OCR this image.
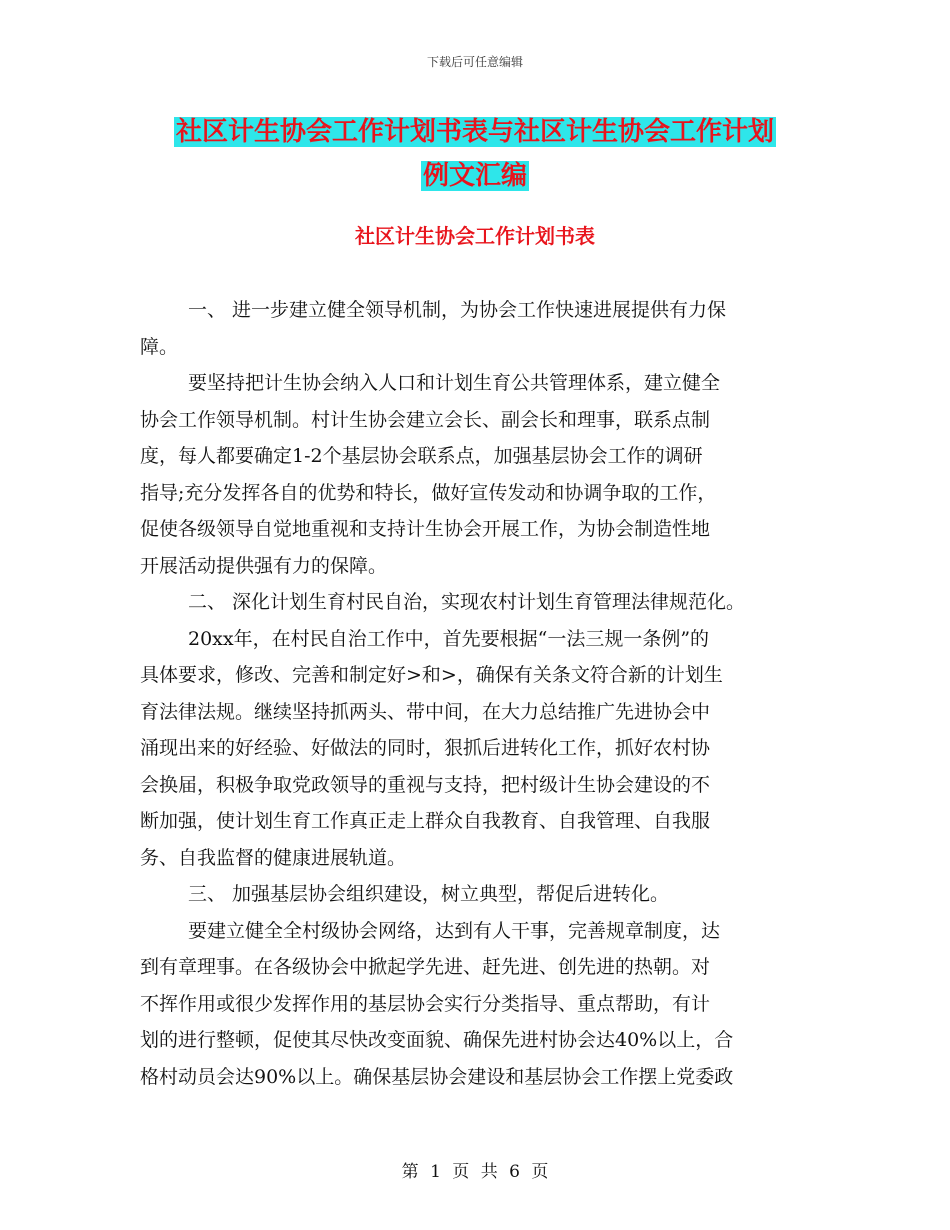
下载后可任意编辑
社区计生协会工作计划书表与社区计生协会工作计划
例文汇编
社区计生协会工作计划书表
一、 进一步建立健全领导机制，为协会工作快速进展提供有力保
障。
要坚持把计生协会纳入人口和计划生育公共管理体系，建立健全
协会工作领导机制。村计生协会建立会长、副会长和理事，联系点制
度，每人都要确定1-2个基层协会联系点，加强基层协会工作的调研
指导;充分发挥各自的优势和特长，做好宣传发动和协调争取的工作，
促使各级领导自觉地重视和支持计生协会开展工作，为协会制造性地
开展活动提供强有力的保障。
二、 深化计划生育村民自治，实现农村计划生育管理法律规范化。
20xx年，在村民自治工作中，首先要根据“一法三规一条例”的
具体要求，修改、完善和制定好>和>，确保有关条文符合新的计划生
育法律法规。继续坚持抓两头、带中间，在大力总结推广先进协会中
涌现出来的好经验、好做法的同时，狠抓后进转化工作，抓好农村协
会换届，积极争取党政领导的重视与支持，把村级计生协会建设的不
断加强，使计划生育工作真正走上群众自我教育、自我管理、自我服
务、自我监督的健康进展轨道。
三、 加强基层协会组织建设，树立典型，帮促后进转化。
要建立健全全村级协会网络，达到有人干事，完善规章制度，达
到有章理事。在各级协会中掀起学先进、赶先进、创先进的热朝。对
不挥作用或很少发挥作用的基层协会实行分类指导、重点帮助，有计
划的进行整顿，促使其尽快改变面貌、确保先进村协会达40%以上，合
格村动员会达90%以上。确保基层协会建设和基层协会工作摆上党委政
第 1 页 共 6 页
